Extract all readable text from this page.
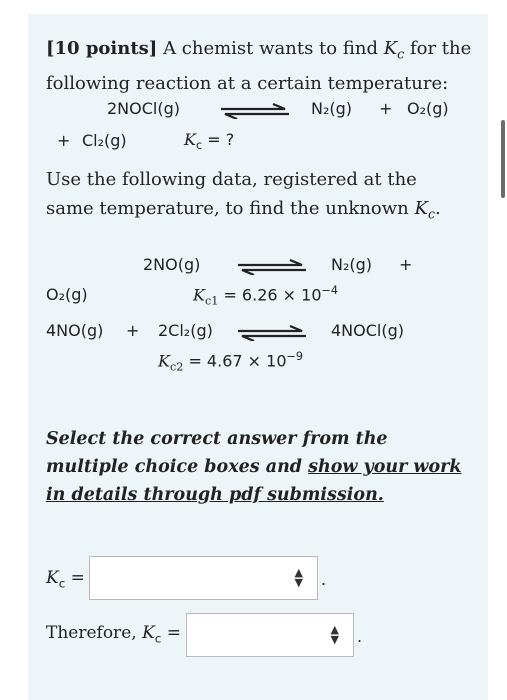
[10 points] A chemist wants to find $K_c$ for the
following reaction at a certain temperature:
2NOCl(g)	N₂(g) + O₂(g)
+ Cl₂(g)	$K_c$ = ?
Use the following data, registered at the
same temperature, to find the unknown $K_c$.
2NO(g)	N₂(g) +
O₂(g)	$K_{c1} = 6.26 \times 10^{-4}$
4NO(g) + 2Cl₂(g)	4NOCl(g)
$K_{c2} = 4.67 \times 10^{-9}$
Select the correct answer from the multiple choice boxes and show your work in details through pdf submission.
$K_c$ =	▲
▼ .
Therefore, $K_c$ =	▲
▼ .
